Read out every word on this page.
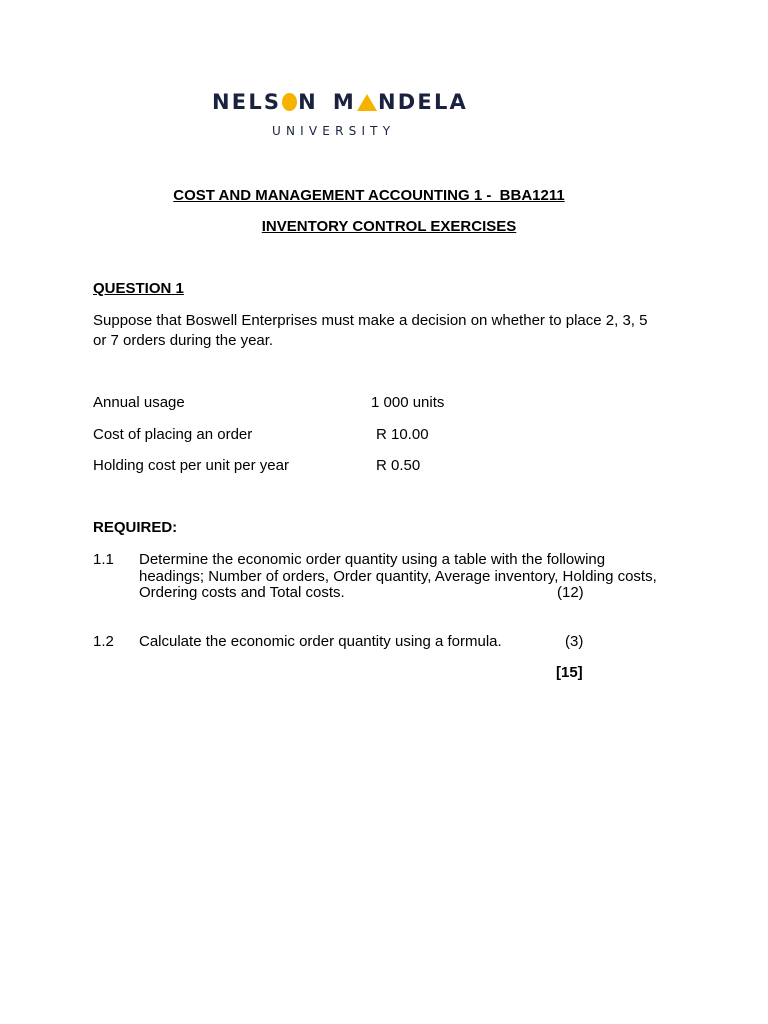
NELS N M NDELA
UNIVERSITY
COST AND MANAGEMENT ACCOUNTING 1 -  BBA1211
INVENTORY CONTROL EXERCISES
QUESTION 1
Suppose that Boswell Enterprises must make a decision on whether to place 2, 3, 5
or 7 orders during the year.
Annual usage	1 000 units
Cost of placing an order	R 10.00
Holding cost per unit per year	R 0.50
REQUIRED:
1.1 Determine the economic order quantity using a table with the following
headings; Number of orders, Order quantity, Average inventory, Holding costs,
Ordering costs and Total costs.	(12)
1.2 Calculate the economic order quantity using a formula.	(3)
[15]
